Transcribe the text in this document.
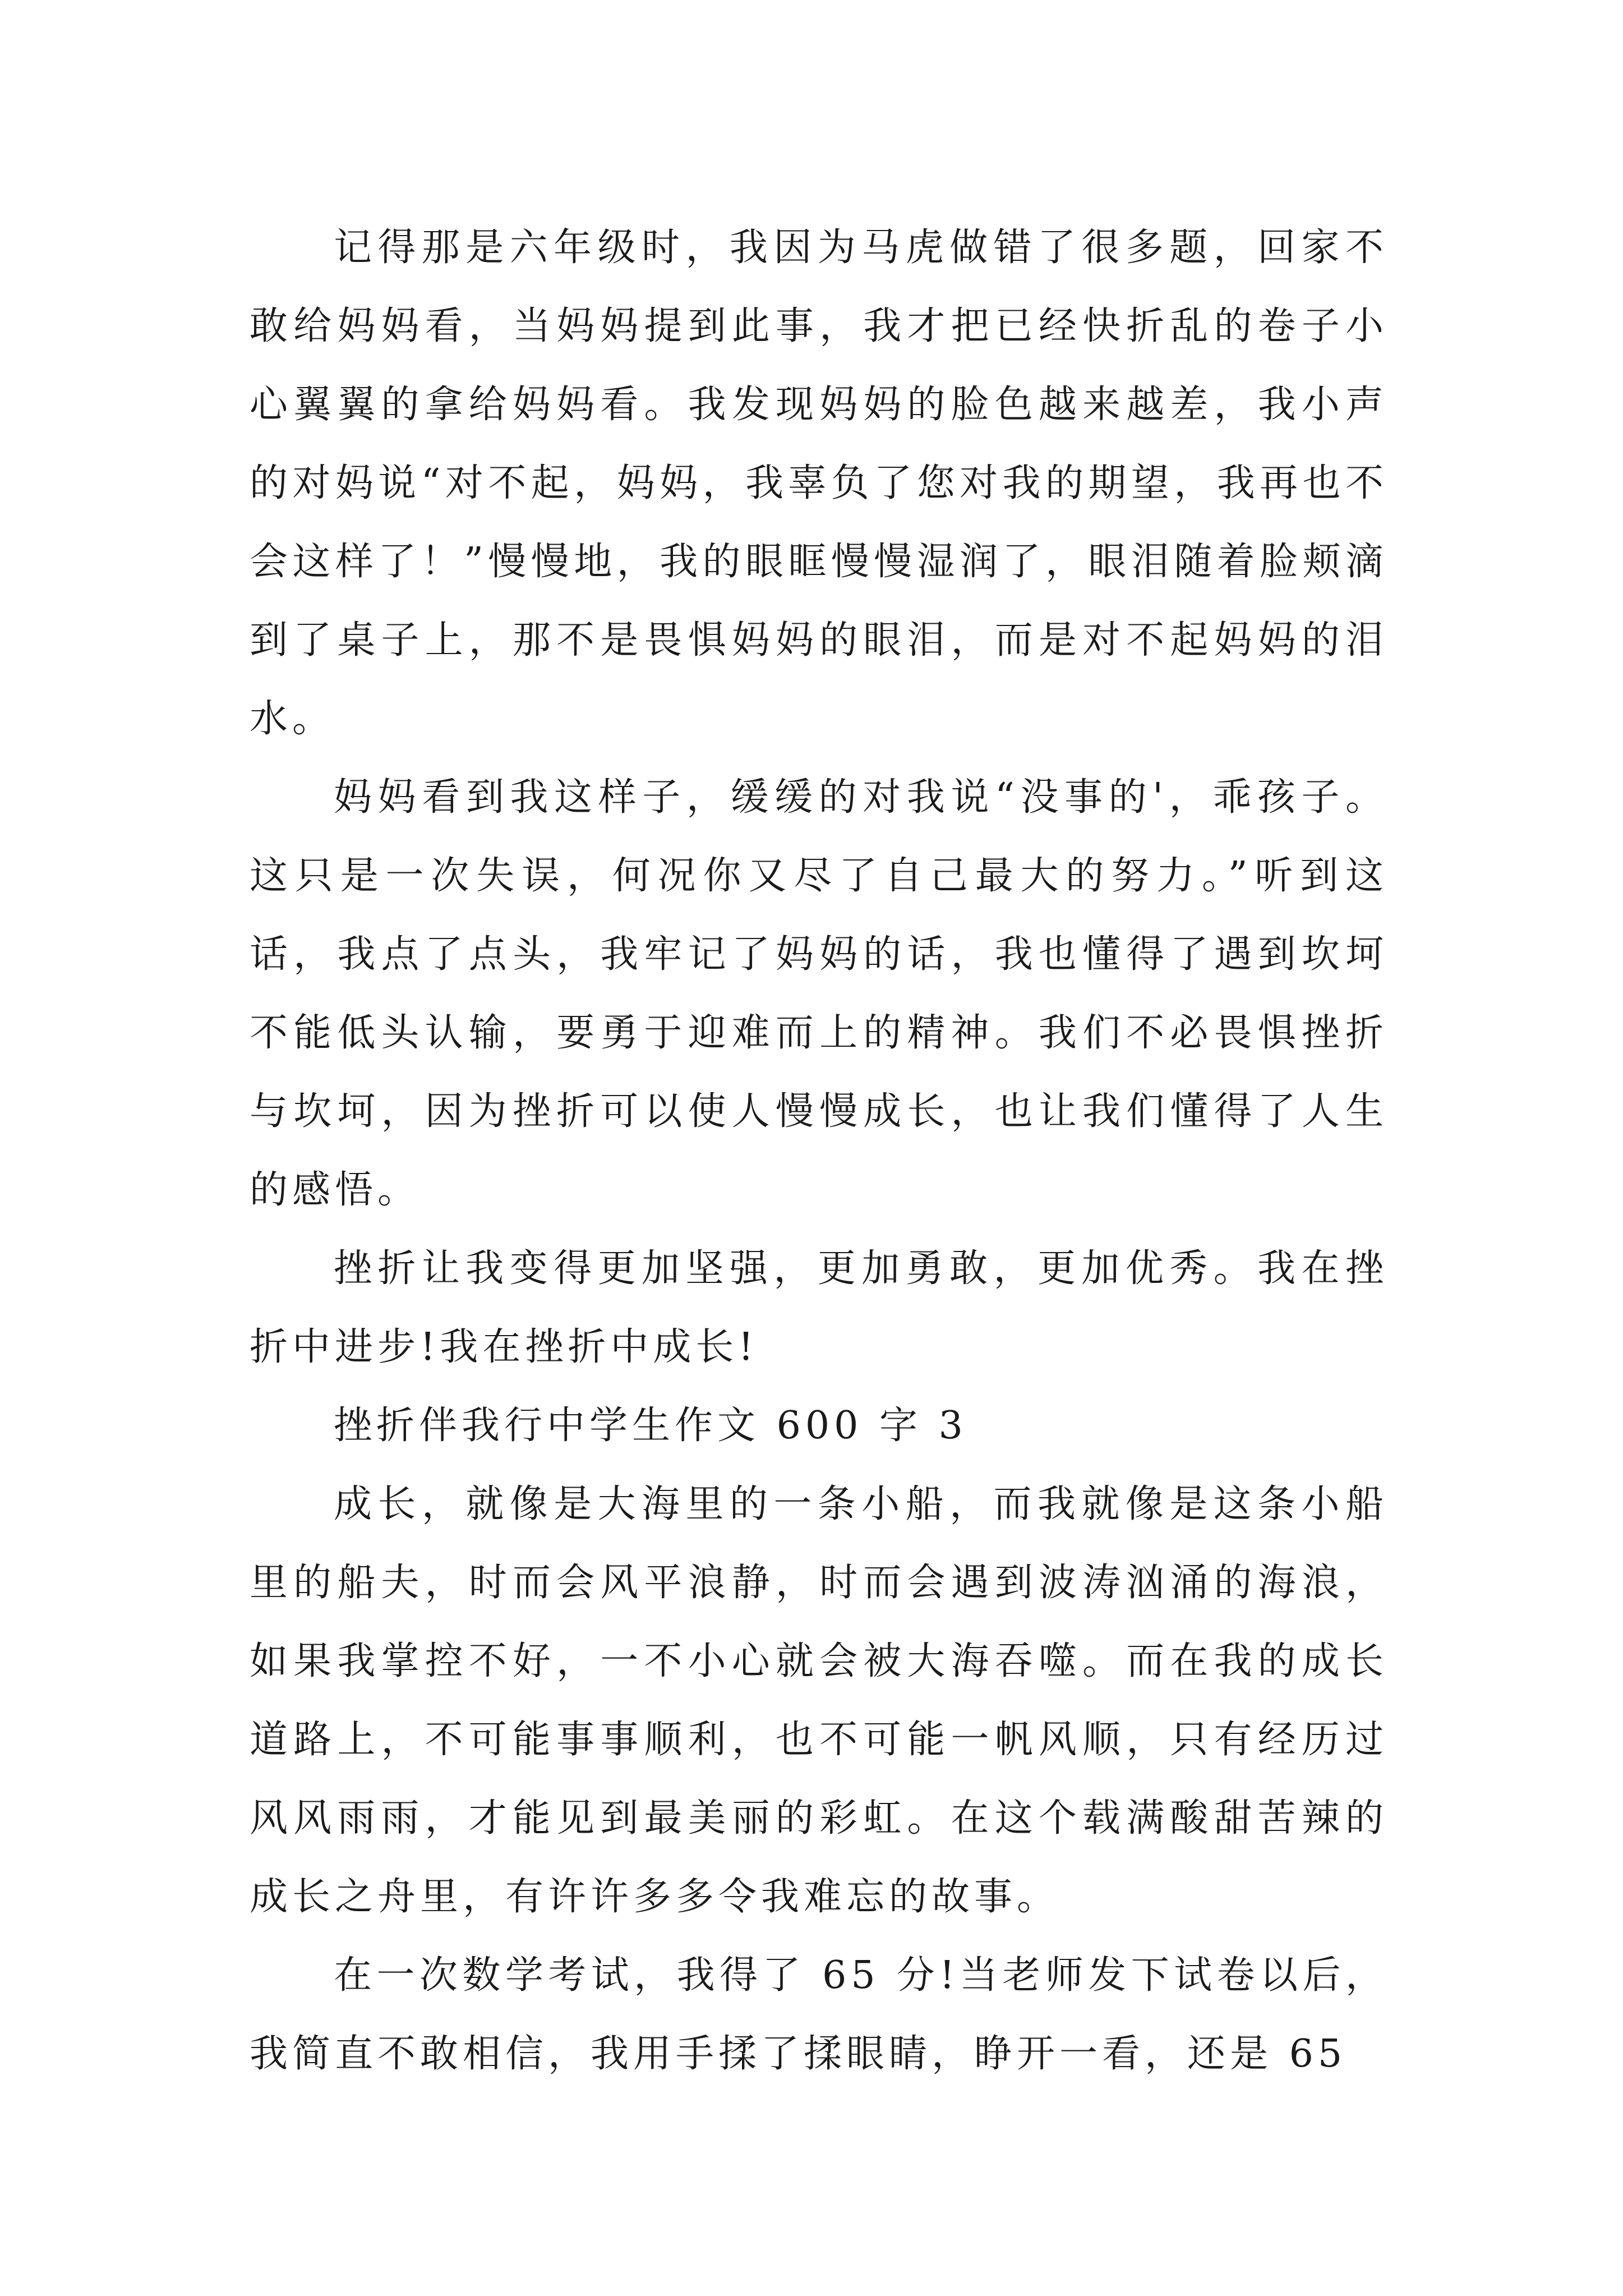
记得那是六年级时，我因为马虎做错了很多题，回家不敢给妈妈看，当妈妈提到此事，我才把已经快折乱的卷子小心翼翼的拿给妈妈看。我发现妈妈的脸色越来越差，我小声的对妈说“对不起，妈妈，我辜负了您对我的期望，我再也不会这样了！”慢慢地，我的眼眶慢慢湿润了，眼泪随着脸颊滴到了桌子上，那不是畏惧妈妈的眼泪，而是对不起妈妈的泪水。

妈妈看到我这样子，缓缓的对我说“没事的'，乖孩子。这只是一次失误，何况你又尽了自己最大的努力。”听到这话，我点了点头，我牢记了妈妈的话，我也懂得了遇到坎坷不能低头认输，要勇于迎难而上的精神。我们不必畏惧挫折与坎坷，因为挫折可以使人慢慢成长，也让我们懂得了人生的感悟。

挫折让我变得更加坚强，更加勇敢，更加优秀。我在挫折中进步!我在挫折中成长!

挫折伴我行中学生作文 600 字 3

成长，就像是大海里的一条小船，而我就像是这条小船里的船夫，时而会风平浪静，时而会遇到波涛汹涌的海浪，如果我掌控不好，一不小心就会被大海吞噬。而在我的成长道路上，不可能事事顺利，也不可能一帆风顺，只有经历过风风雨雨，才能见到最美丽的彩虹。在这个载满酸甜苦辣的成长之舟里，有许许多多令我难忘的故事。

在一次数学考试，我得了 65 分!当老师发下试卷以后，我简直不敢相信，我用手揉了揉眼睛，睁开一看，还是 65
